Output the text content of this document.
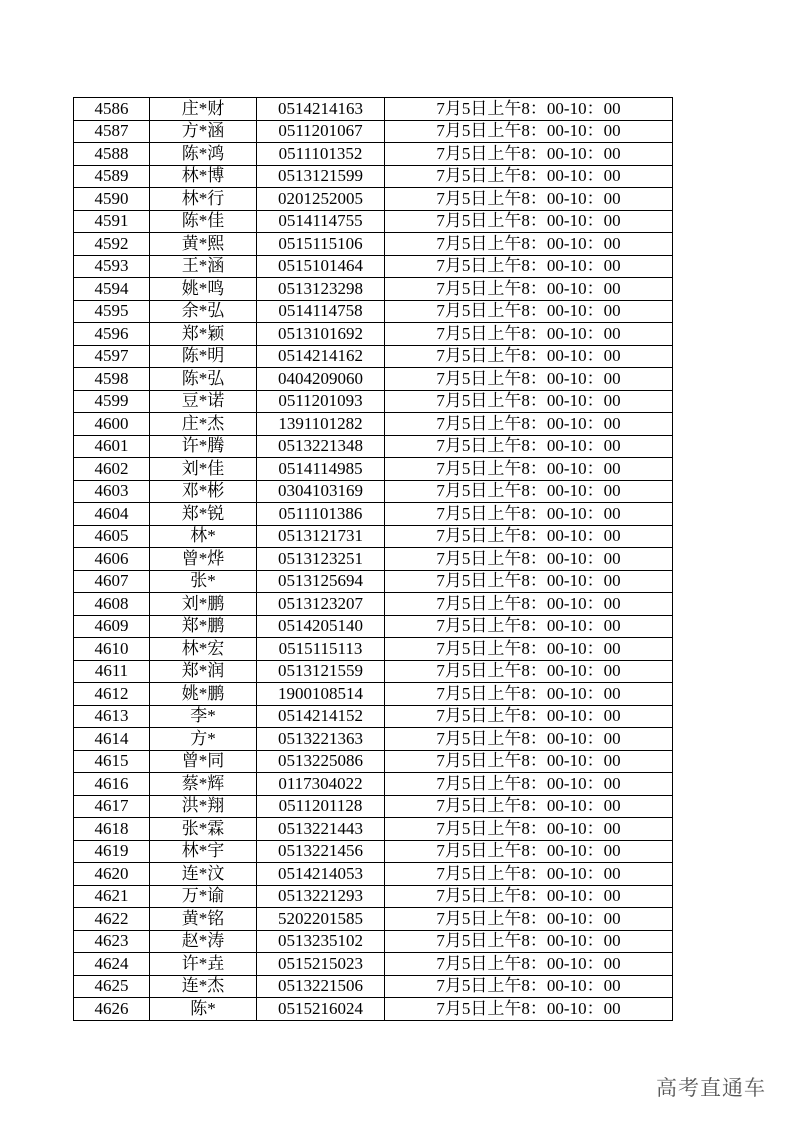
4586	庄*财	0514214163	7月5日上午8：00-10：00
4587	方*涵	0511201067	7月5日上午8：00-10：00
4588	陈*鸿	0511101352	7月5日上午8：00-10：00
4589	林*博	0513121599	7月5日上午8：00-10：00
4590	林*行	0201252005	7月5日上午8：00-10：00
4591	陈*佳	0514114755	7月5日上午8：00-10：00
4592	黄*熙	0515115106	7月5日上午8：00-10：00
4593	王*涵	0515101464	7月5日上午8：00-10：00
4594	姚*鸣	0513123298	7月5日上午8：00-10：00
4595	余*弘	0514114758	7月5日上午8：00-10：00
4596	郑*颖	0513101692	7月5日上午8：00-10：00
4597	陈*明	0514214162	7月5日上午8：00-10：00
4598	陈*弘	0404209060	7月5日上午8：00-10：00
4599	豆*诺	0511201093	7月5日上午8：00-10：00
4600	庄*杰	1391101282	7月5日上午8：00-10：00
4601	许*腾	0513221348	7月5日上午8：00-10：00
4602	刘*佳	0514114985	7月5日上午8：00-10：00
4603	邓*彬	0304103169	7月5日上午8：00-10：00
4604	郑*锐	0511101386	7月5日上午8：00-10：00
4605	林*	0513121731	7月5日上午8：00-10：00
4606	曾*烨	0513123251	7月5日上午8：00-10：00
4607	张*	0513125694	7月5日上午8：00-10：00
4608	刘*鹏	0513123207	7月5日上午8：00-10：00
4609	郑*鹏	0514205140	7月5日上午8：00-10：00
4610	林*宏	0515115113	7月5日上午8：00-10：00
4611	郑*润	0513121559	7月5日上午8：00-10：00
4612	姚*鹏	1900108514	7月5日上午8：00-10：00
4613	李*	0514214152	7月5日上午8：00-10：00
4614	方*	0513221363	7月5日上午8：00-10：00
4615	曾*同	0513225086	7月5日上午8：00-10：00
4616	蔡*辉	0117304022	7月5日上午8：00-10：00
4617	洪*翔	0511201128	7月5日上午8：00-10：00
4618	张*霖	0513221443	7月5日上午8：00-10：00
4619	林*宇	0513221456	7月5日上午8：00-10：00
4620	连*汶	0514214053	7月5日上午8：00-10：00
4621	万*谕	0513221293	7月5日上午8：00-10：00
4622	黄*铭	5202201585	7月5日上午8：00-10：00
4623	赵*涛	0513235102	7月5日上午8：00-10：00
4624	许*垚	0515215023	7月5日上午8：00-10：00
4625	连*杰	0513221506	7月5日上午8：00-10：00
4626	陈*	0515216024	7月5日上午8：00-10：00
高考直通车
